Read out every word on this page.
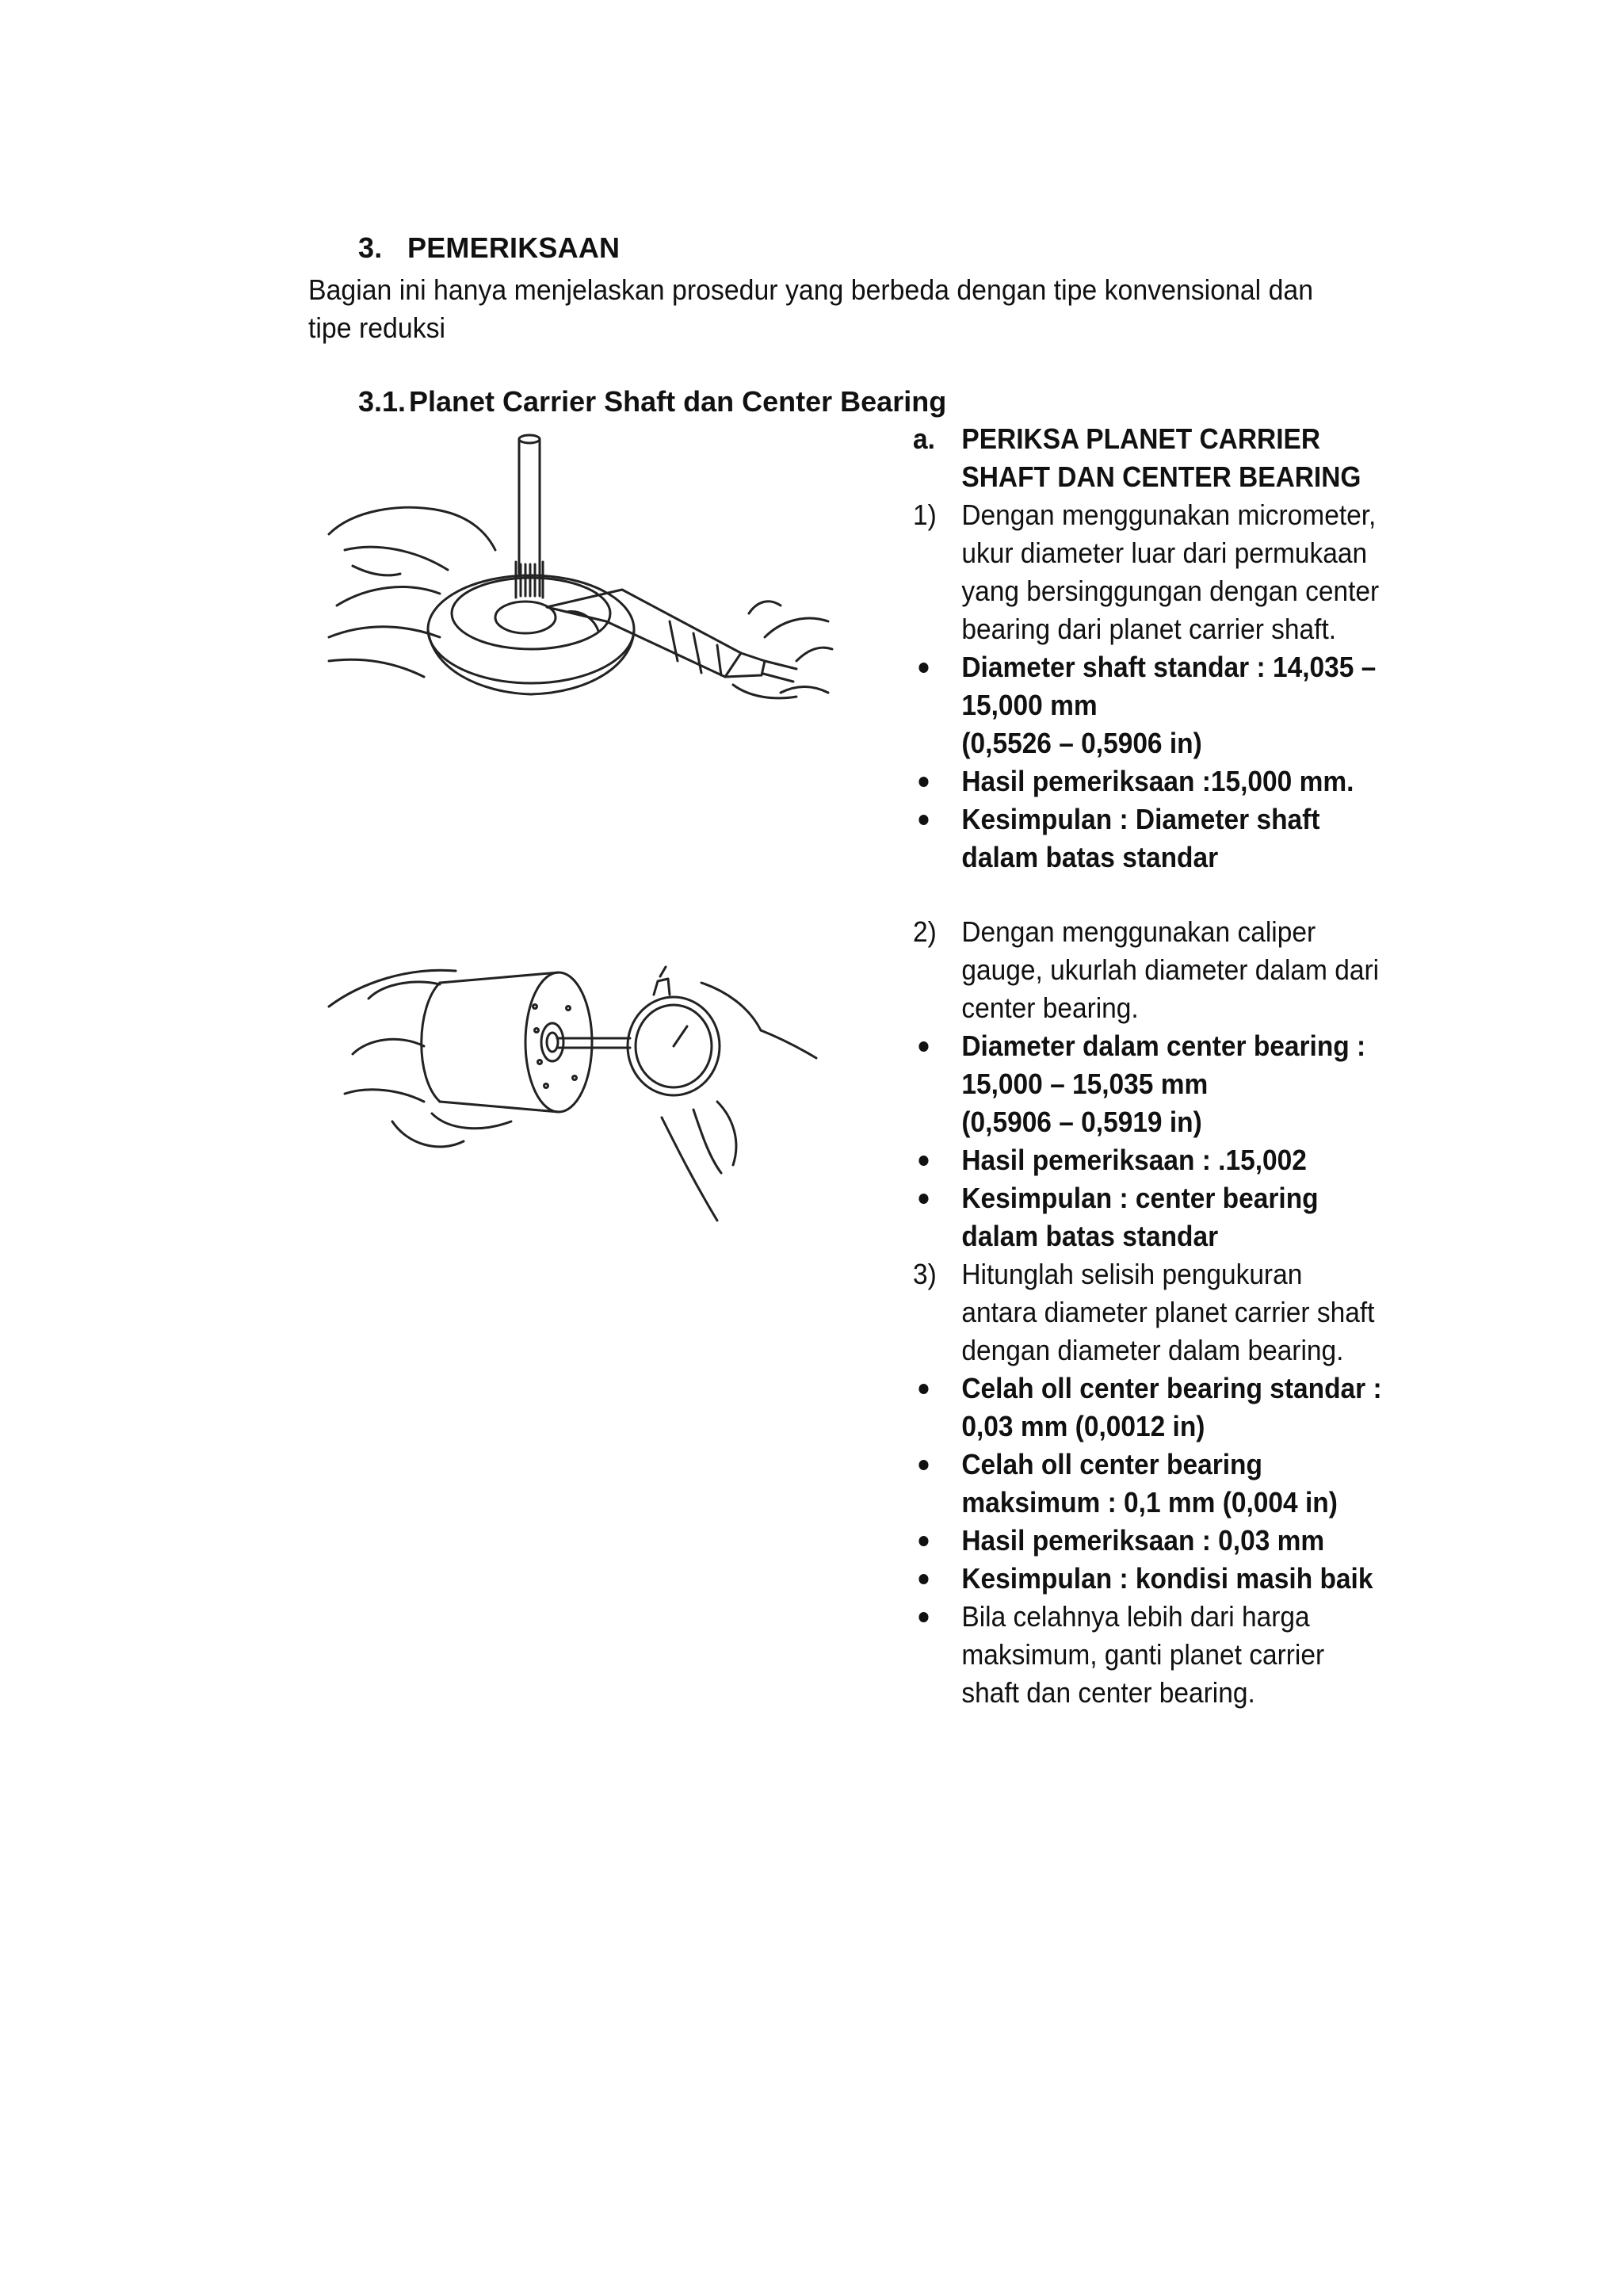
3. PEMERIKSAAN
Bagian ini hanya menjelaskan prosedur yang berbeda dengan tipe konvensional dan tipe reduksi
3.1. Planet Carrier Shaft dan Center Bearing
a. PERIKSA PLANET CARRIER
SHAFT DAN CENTER BEARING
1) Dengan menggunakan micrometer, ukur diameter luar dari permukaan yang bersinggungan dengan center bearing dari planet carrier shaft.
Diameter shaft standar : 14,035 – 15,000 mm
(0,5526 – 0,5906 in)
Hasil pemeriksaan :15,000 mm.
Kesimpulan : Diameter shaft dalam batas standar
2) Dengan menggunakan caliper gauge, ukurlah diameter dalam dari center bearing.
Diameter dalam center bearing : 15,000 – 15,035 mm
(0,5906 – 0,5919 in)
Hasil pemeriksaan : .15,002
Kesimpulan : center bearing dalam batas standar
3) Hitunglah selisih pengukuran antara diameter planet carrier shaft dengan diameter dalam bearing.
Celah oll center bearing standar : 0,03 mm (0,0012 in)
Celah oll center bearing maksimum : 0,1 mm (0,004 in)
Hasil pemeriksaan : 0,03 mm
Kesimpulan : kondisi masih baik
Bila celahnya lebih dari harga maksimum, ganti planet carrier shaft dan center bearing.
